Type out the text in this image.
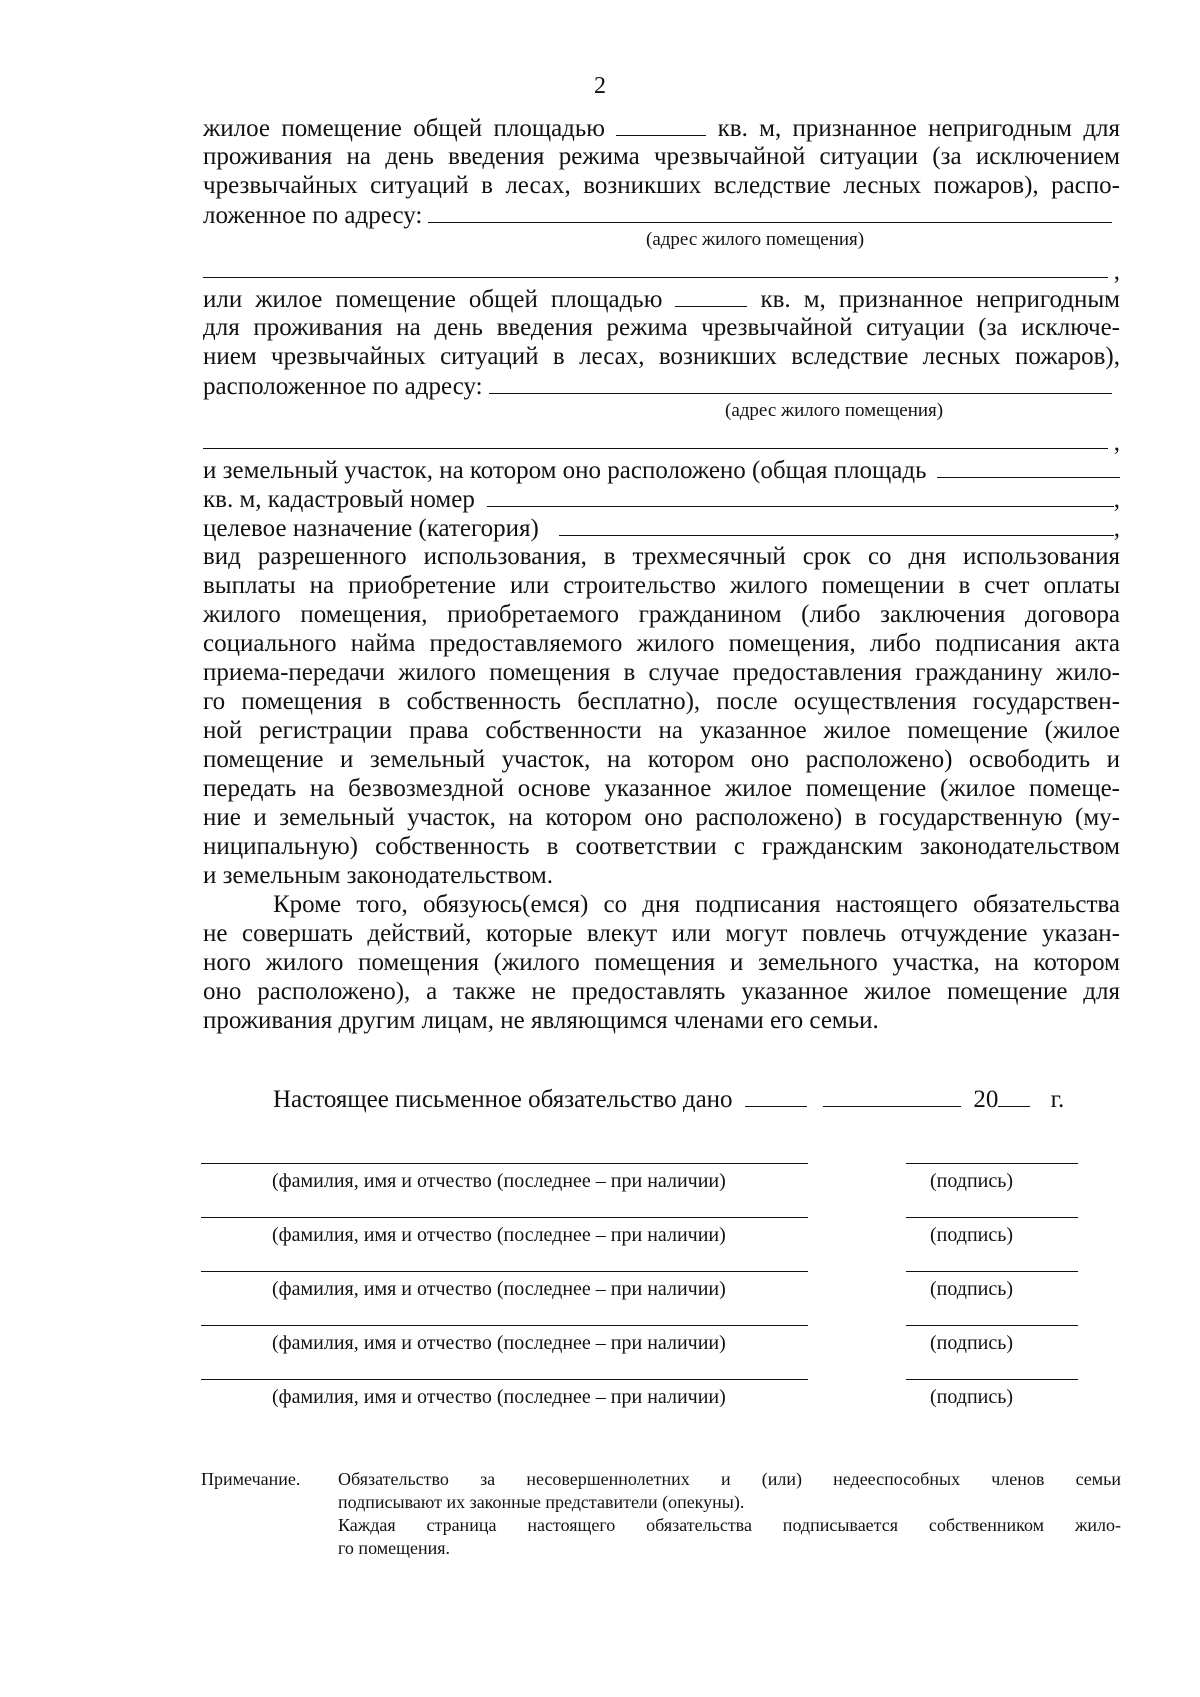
2
жилое помещение общей площадью	кв. м, признанное непригодным для
проживания на день введения режима чрезвычайной ситуации (за исключением
чрезвычайных ситуаций в лесах, возникших вследствие лесных пожаров), распо-
ложенное по адресу:
(адрес жилого помещения)
,
или жилое помещение общей площадью	кв. м, признанное непригодным
для проживания на день введения режима чрезвычайной ситуации (за исключе-
нием чрезвычайных ситуаций в лесах, возникших вследствие лесных пожаров),
расположенное по адресу:
(адрес жилого помещения)
,
и земельный участок, на котором оно расположено (общая площадь
кв. м, кадастровый номер	,
целевое назначение (категория)	,
вид разрешенного использования, в трехмесячный срок со дня использования
выплаты на приобретение или строительство жилого помещении в счет оплаты
жилого помещения, приобретаемого гражданином (либо заключения договора
социального найма предоставляемого жилого помещения, либо подписания акта
приема-передачи жилого помещения в случае предоставления гражданину жило-
го помещения в собственность бесплатно), после осуществления государствен-
ной регистрации права собственности на указанное жилое помещение (жилое
помещение и земельный участок, на котором оно расположено) освободить и
передать на безвозмездной основе указанное жилое помещение (жилое помеще-
ние и земельный участок, на котором оно расположено) в государственную (му-
ниципальную) собственность в соответствии с гражданским законодательством
и земельным законодательством.
Кроме того, обязуюсь(емся) со дня подписания настоящего обязательства
не совершать действий, которые влекут или могут повлечь отчуждение указан-
ного жилого помещения (жилого помещения и земельного участка, на котором
оно расположено), а также не предоставлять указанное жилое помещение для
проживания другим лицам, не являющимся членами его семьи.
Настоящее письменное обязательство дано	20 г.
(фамилия, имя и отчество (последнее – при наличии)	(подпись)
(фамилия, имя и отчество (последнее – при наличии)	(подпись)
(фамилия, имя и отчество (последнее – при наличии)	(подпись)
(фамилия, имя и отчество (последнее – при наличии)	(подпись)
(фамилия, имя и отчество (последнее – при наличии)	(подпись)
Примечание. Обязательство за несовершеннолетних и (или) недееспособных членов семьи
подписывают их законные представители (опекуны).
Каждая страница настоящего обязательства подписывается собственником жило-
го помещения.
